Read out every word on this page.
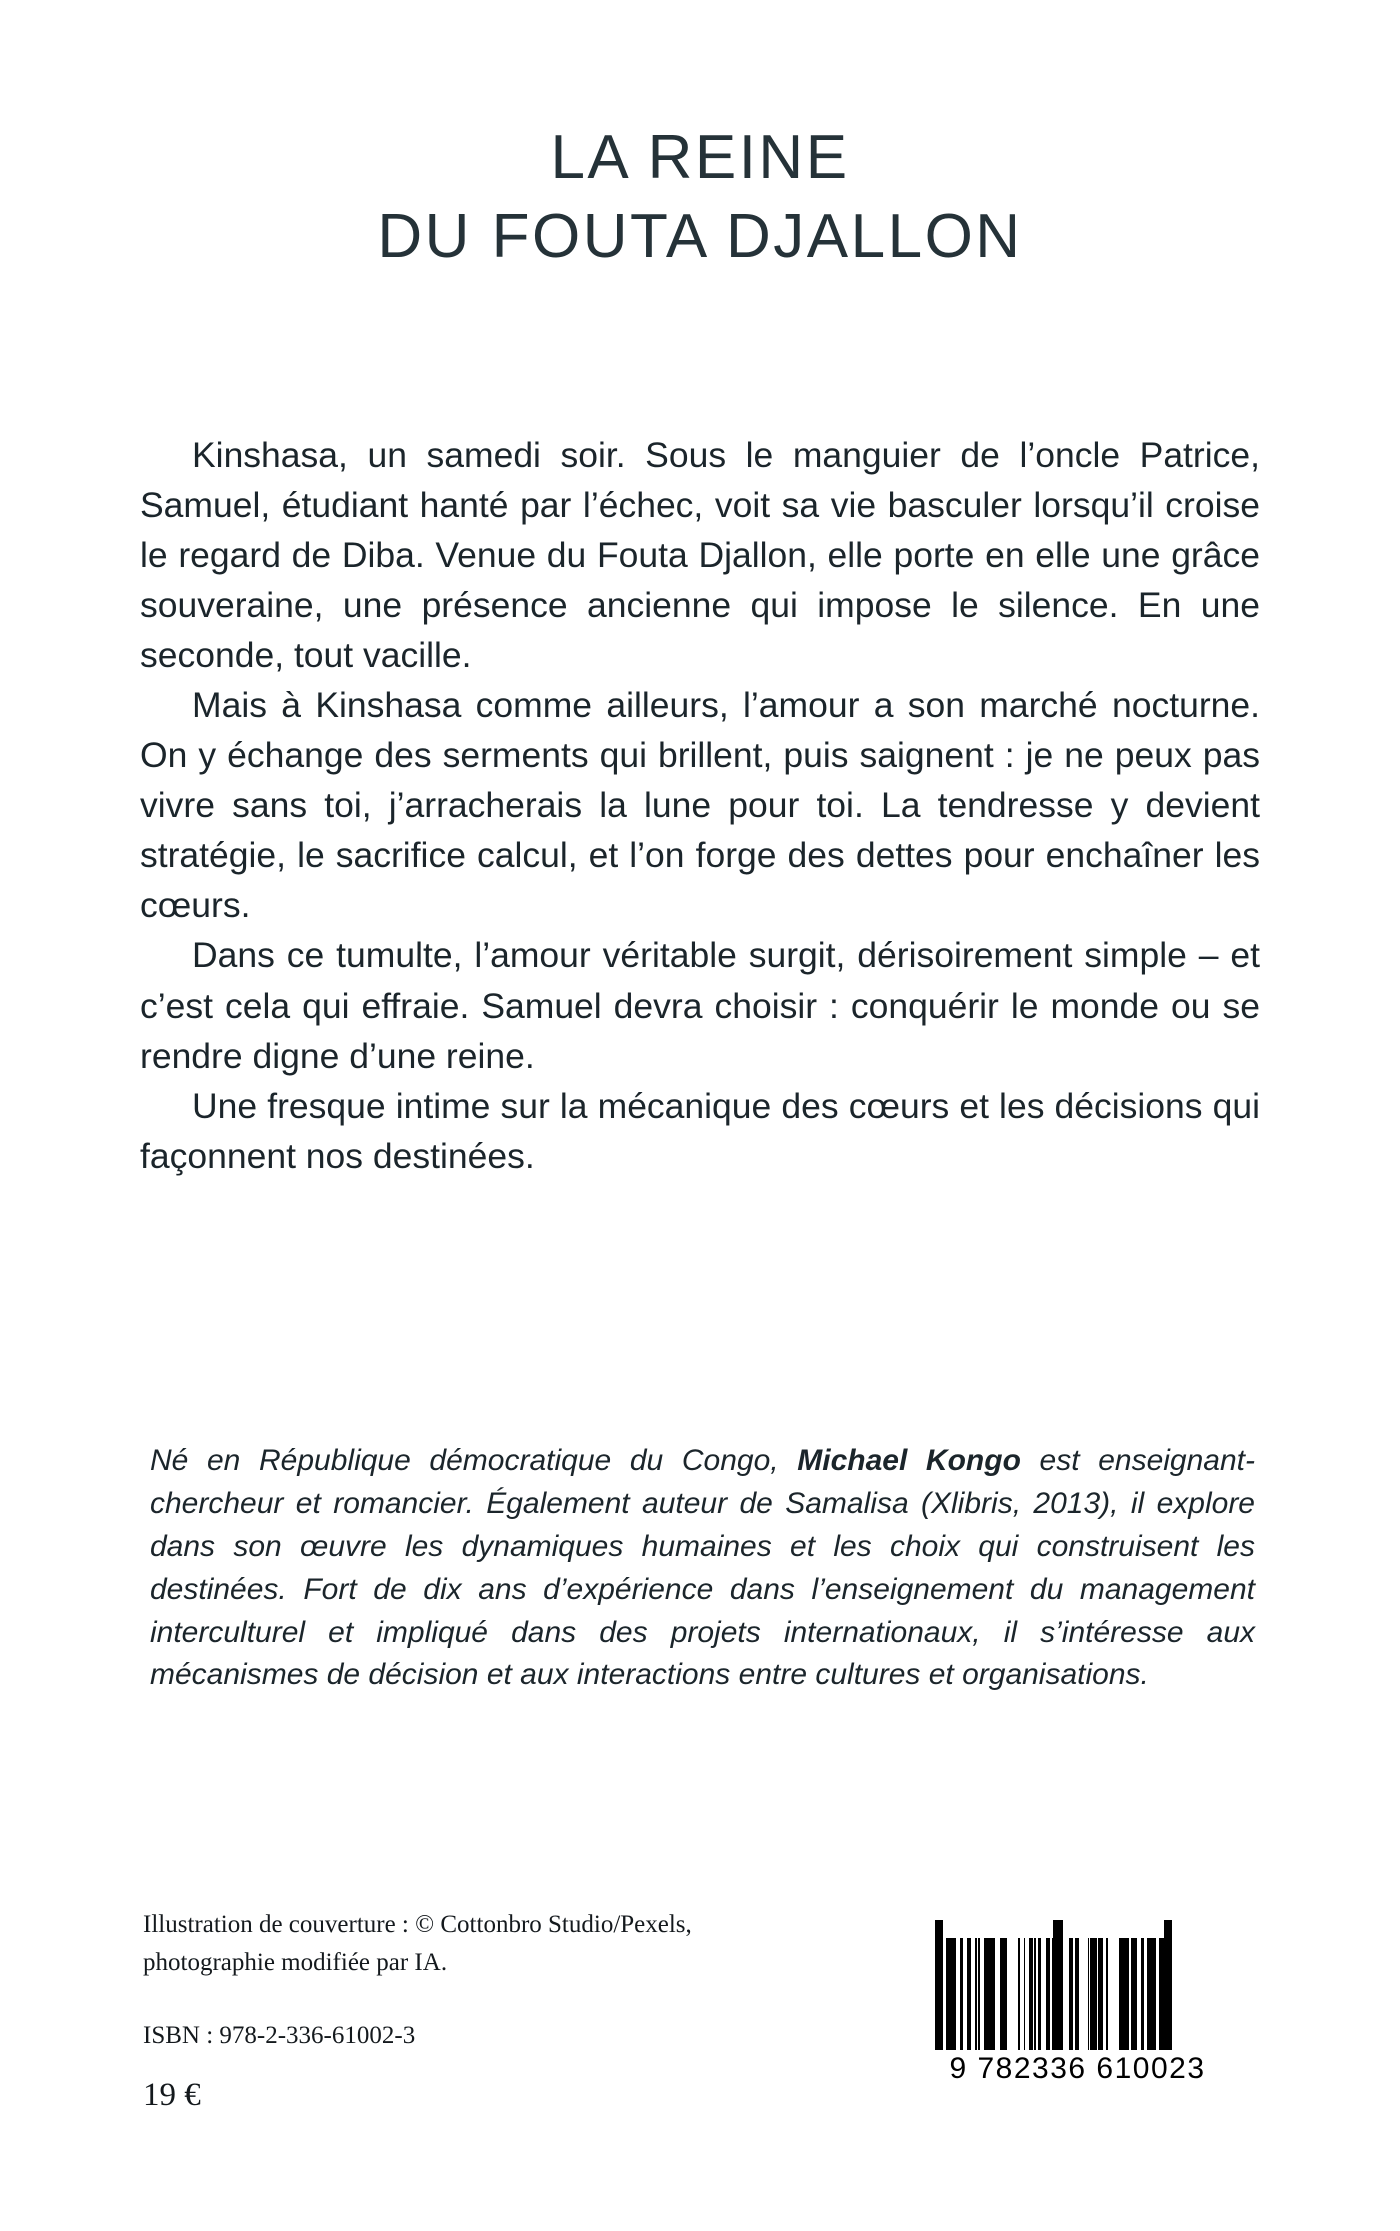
LA REINE
DU FOUTA DJALLON

Kinshasa, un samedi soir. Sous le manguier de l’oncle Patrice, Samuel, étudiant hanté par l’échec, voit sa vie basculer lorsqu’il croise le regard de Diba. Venue du Fouta Djallon, elle porte en elle une grâce souveraine, une présence ancienne qui impose le silence. En une seconde, tout vacille.

Mais à Kinshasa comme ailleurs, l’amour a son marché nocturne. On y échange des serments qui brillent, puis saignent : je ne peux pas vivre sans toi, j’arracherais la lune pour toi. La tendresse y devient stratégie, le sacrifice calcul, et l’on forge des dettes pour enchaîner les cœurs.

Dans ce tumulte, l’amour véritable surgit, dérisoirement simple – et c’est cela qui effraie. Samuel devra choisir : conquérir le monde ou se rendre digne d’une reine.

Une fresque intime sur la mécanique des cœurs et les décisions qui façonnent nos destinées.

Né en République démocratique du Congo, Michael Kongo est enseignant-chercheur et romancier. Également auteur de Samalisa (Xlibris, 2013), il explore dans son œuvre les dynamiques humaines et les choix qui construisent les destinées. Fort de dix ans d’expérience dans l’enseignement du management interculturel et impliqué dans des projets internationaux, il s’intéresse aux mécanismes de décision et aux interactions entre cultures et organisations.
Illustration de couverture : © Cottonbro Studio/Pexels,
photographie modifiée par IA.
ISBN : 978-2-336-61002-3
19 €
9 782336 610023
